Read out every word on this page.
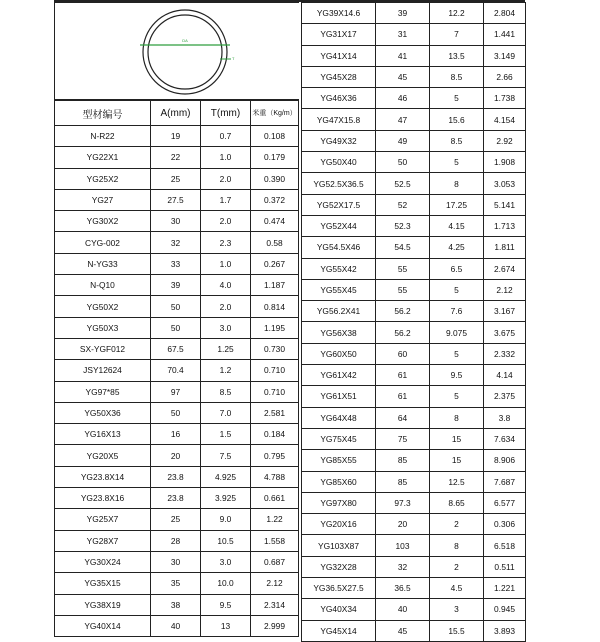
DA
T
型材编号	A(mm)	T(mm)	米重（Kg/m）
N-R22	19	0.7	0.108
YG22X1	22	1.0	0.179
YG25X2	25	2.0	0.390
YG27	27.5	1.7	0.372
YG30X2	30	2.0	0.474
CYG-002	32	2.3	0.58
N-YG33	33	1.0	0.267
N-Q10	39	4.0	1.187
YG50X2	50	2.0	0.814
YG50X3	50	3.0	1.195
SX-YGF012	67.5	1.25	0.730
JSY12624	70.4	1.2	0.710
YG97*85	97	8.5	0.710
YG50X36	50	7.0	2.581
YG16X13	16	1.5	0.184
YG20X5	20	7.5	0.795
YG23.8X14	23.8	4.925	4.788
YG23.8X16	23.8	3.925	0.661
YG25X7	25	9.0	1.22
YG28X7	28	10.5	1.558
YG30X24	30	3.0	0.687
YG35X15	35	10.0	2.12
YG38X19	38	9.5	2.314
YG40X14	40	13	2.999
YG39X14.6	39	12.2	2.804
YG31X17	31	7	1.441
YG41X14	41	13.5	3.149
YG45X28	45	8.5	2.66
YG46X36	46	5	1.738
YG47X15.8	47	15.6	4.154
YG49X32	49	8.5	2.92
YG50X40	50	5	1.908
YG52.5X36.5	52.5	8	3.053
YG52X17.5	52	17.25	5.141
YG52X44	52.3	4.15	1.713
YG54.5X46	54.5	4.25	1.811
YG55X42	55	6.5	2.674
YG55X45	55	5	2.12
YG56.2X41	56.2	7.6	3.167
YG56X38	56.2	9.075	3.675
YG60X50	60	5	2.332
YG61X42	61	9.5	4.14
YG61X51	61	5	2.375
YG64X48	64	8	3.8
YG75X45	75	15	7.634
YG85X55	85	15	8.906
YG85X60	85	12.5	7.687
YG97X80	97.3	8.65	6.577
YG20X16	20	2	0.306
YG103X87	103	8	6.518
YG32X28	32	2	0.511
YG36.5X27.5	36.5	4.5	1.221
YG40X34	40	3	0.945
YG45X14	45	15.5	3.893
